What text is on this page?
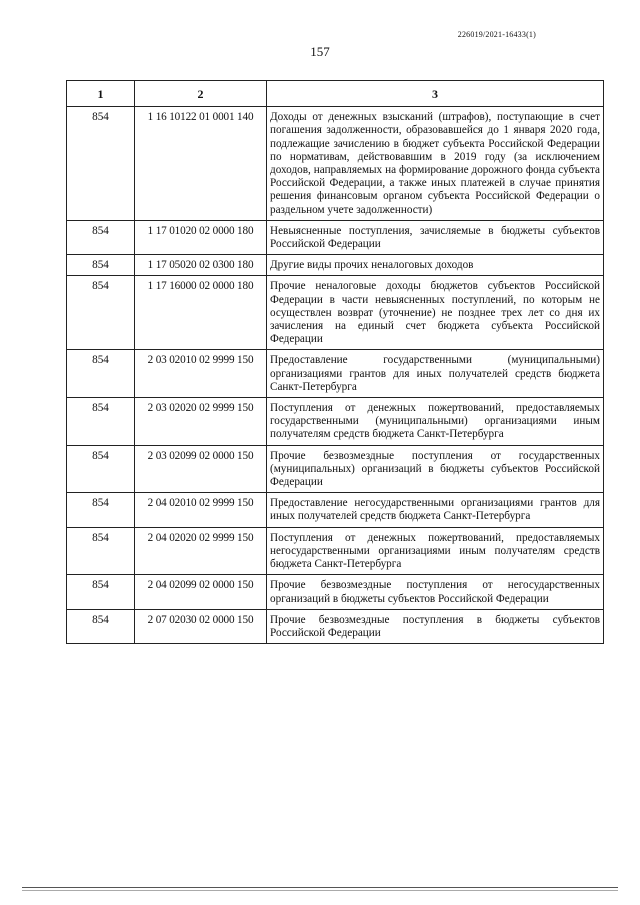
226019/2021-16433(1)
157
1	2	3
854	1 16 10122 01 0001 140	Доходы от денежных взысканий (штрафов), поступающие в счет погашения задолженности, образовавшейся до 1 января 2020 года, подлежащие зачислению в бюджет субъекта Российской Федерации по нормативам, действовавшим в 2019 году (за исключением доходов, направляемых на формирование дорожного фонда субъекта Российской Федерации, а также иных платежей в случае принятия решения финансовым органом субъекта Российской Федерации о раздельном учете задолженности)
854	1 17 01020 02 0000 180	Невыясненные поступления, зачисляемые в бюджеты субъектов Российской Федерации
854	1 17 05020 02 0300 180	Другие виды прочих неналоговых доходов
854	1 17 16000 02 0000 180	Прочие неналоговые доходы бюджетов субъектов Российской Федерации в части невыясненных поступлений, по которым не осуществлен возврат (уточнение) не позднее трех лет со дня их зачисления на единый счет бюджета субъекта Российской Федерации
854	2 03 02010 02 9999 150	Предоставление государственными (муниципальными) организациями грантов для иных получателей средств бюджета Санкт-Петербурга
854	2 03 02020 02 9999 150	Поступления от денежных пожертвований, предоставляемых государственными (муниципальными) организациями иным получателям средств бюджета Санкт-Петербурга
854	2 03 02099 02 0000 150	Прочие безвозмездные поступления от государственных (муниципальных) организаций в бюджеты субъектов Российской Федерации
854	2 04 02010 02 9999 150	Предоставление негосударственными организациями грантов для иных получателей средств бюджета Санкт-Петербурга
854	2 04 02020 02 9999 150	Поступления от денежных пожертвований, предоставляемых негосударственными организациями иным получателям средств бюджета Санкт-Петербурга
854	2 04 02099 02 0000 150	Прочие безвозмездные поступления от негосударственных организаций в бюджеты субъектов Российской Федерации
854	2 07 02030 02 0000 150	Прочие безвозмездные поступления в бюджеты субъектов Российской Федерации
